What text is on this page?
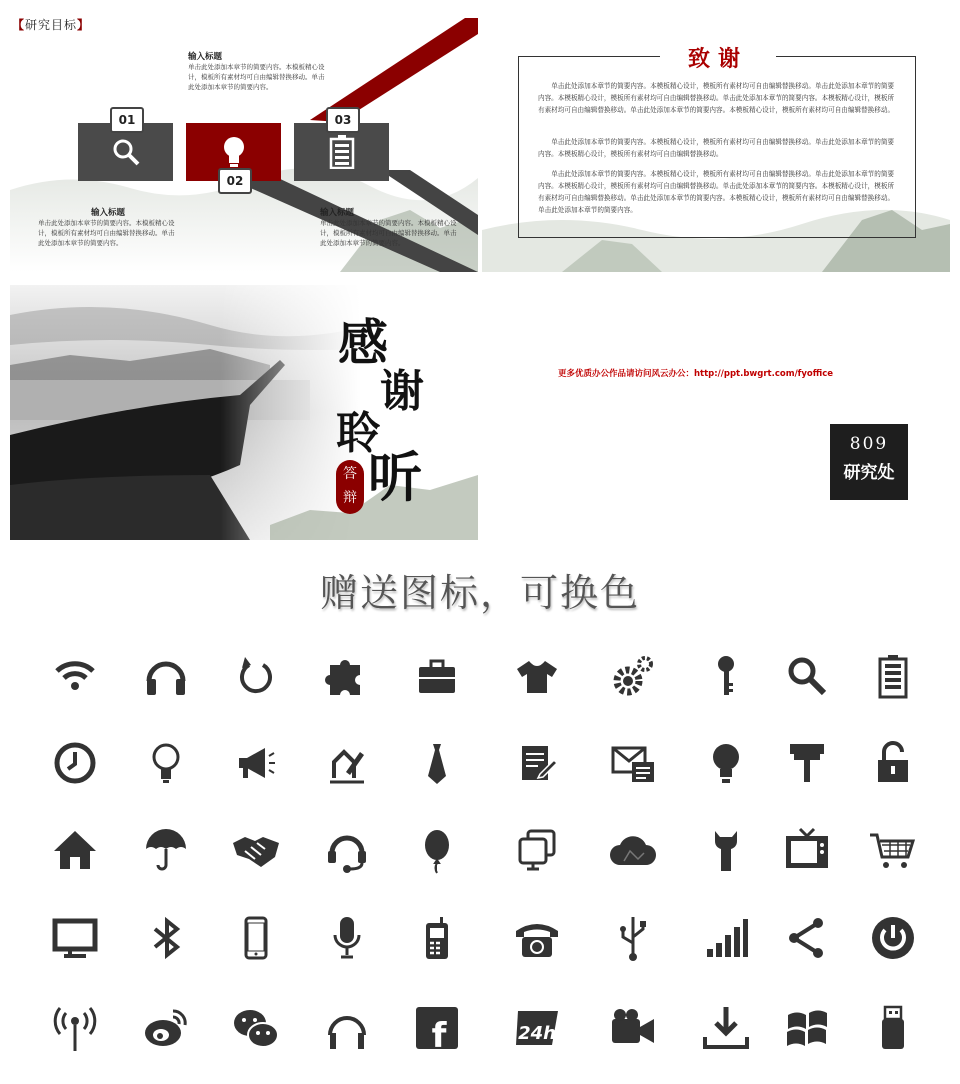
【研究目标】
输入标题
单击此处添加本章节的简要内容。本模板精心设计，模板所有素材均可自由编辑替换移动。单击此处添加本章节的简要内容。
01
02
03
输入标题
单击此处添加本章节的简要内容。本模板精心设计，模板所有素材均可自由编辑替换移动。单击此处添加本章节的简要内容。
输入标题
单击此处添加本章节的简要内容。本模板精心设计，模板所有素材均可自由编辑替换移动。单击此处添加本章节的简要内容。
致谢
单击此处添加本章节的简要内容。本模板精心设计，模板所有素材均可自由编辑替换移动。单击此处添加本章节的简要内容。本模板精心设计，模板所有素材均可自由编辑替换移动。单击此处添加本章节的简要内容。本模板精心设计，模板所有素材均可自由编辑替换移动。单击此处添加本章节的简要内容。本模板精心设计，模板所有素材均可自由编辑替换移动。
单击此处添加本章节的简要内容。本模板精心设计，模板所有素材均可自由编辑替换移动。单击此处添加本章节的简要内容。本模板精心设计，模板所有素材均可自由编辑替换移动。
单击此处添加本章节的简要内容。本模板精心设计，模板所有素材均可自由编辑替换移动。单击此处添加本章节的简要内容。本模板精心设计，模板所有素材均可自由编辑替换移动。单击此处添加本章节的简要内容。本模板精心设计，模板所有素材均可自由编辑替换移动。单击此处添加本章节的简要内容。本模板精心设计，模板所有素材均可自由编辑替换移动。单击此处添加本章节的简要内容。
感
谢
聆
听
答
辩
更多优质办公作品请访问风云办公：http://ppt.bwgrt.com/fyoffice
809
研究处
赠送图标，可换色
f	24h
